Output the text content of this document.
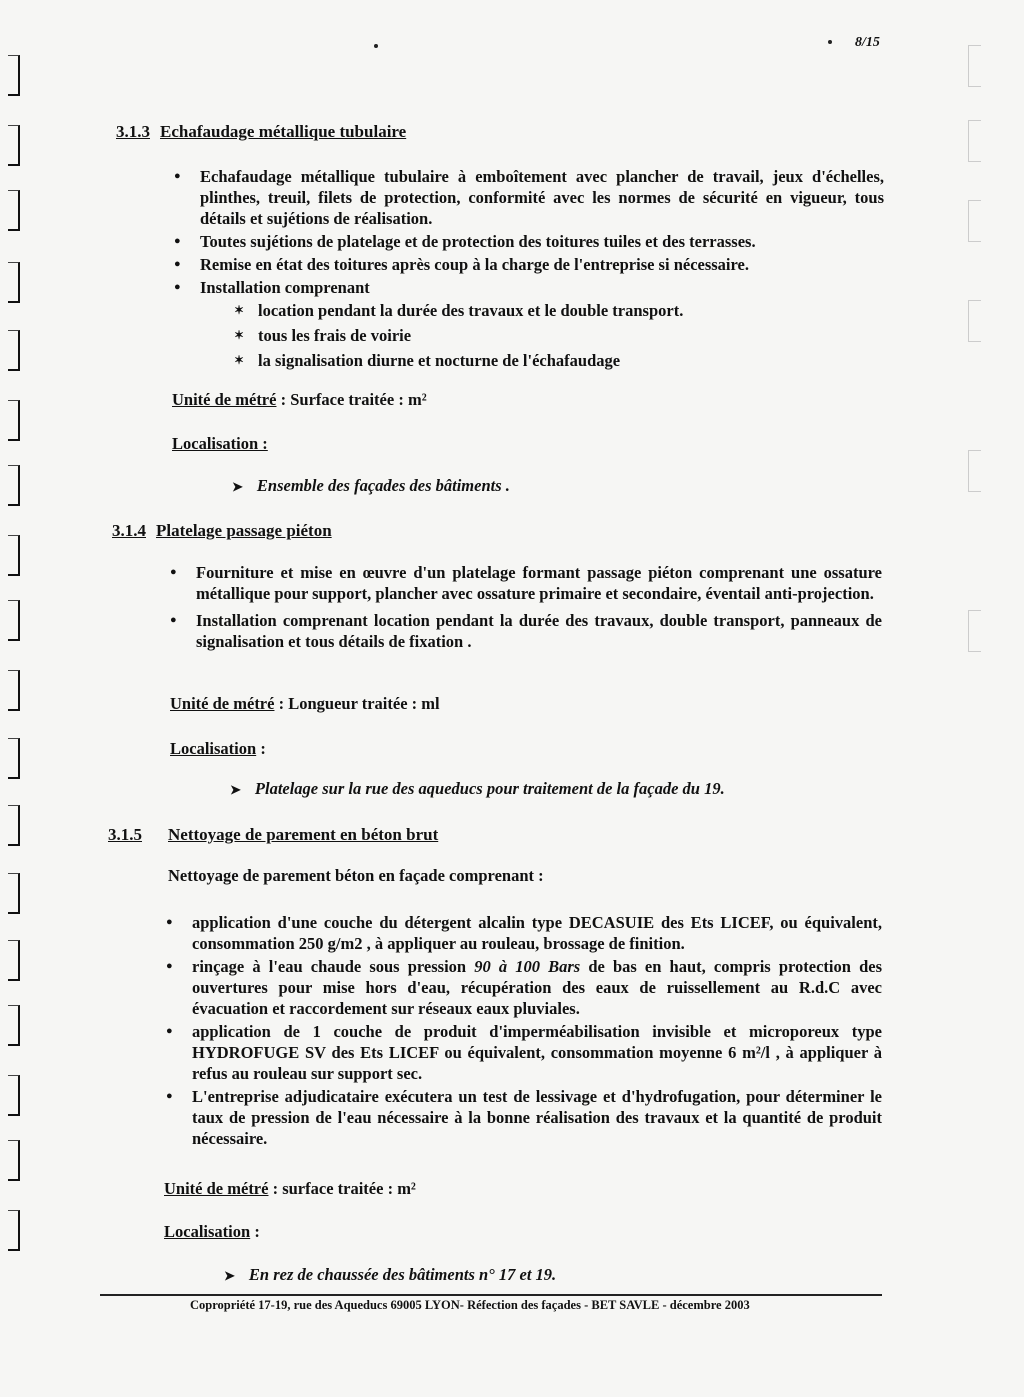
8/15
3.1.3 Echafaudage métallique tubulaire
● Echafaudage métallique tubulaire à emboîtement avec plancher de travail, jeux d'échelles, plinthes, treuil, filets de protection, conformité avec les normes de sécurité en vigueur, tous détails et sujétions de réalisation.
● Toutes sujétions de platelage et de protection des toitures tuiles et des terrasses.
● Remise en état des toitures après coup à la charge de l'entreprise si nécessaire.
● Installation comprenant
✶ location pendant la durée des travaux et le double transport.
✶ tous les frais de voirie
✶ la signalisation diurne et nocturne de l'échafaudage
Unité de métré : Surface traitée : m²
Localisation :
➤ Ensemble des façades des bâtiments .
3.1.4 Platelage passage piéton
● Fourniture et mise en œuvre d'un platelage formant passage piéton comprenant une ossature métallique pour support, plancher avec ossature primaire et secondaire, éventail anti-projection.
● Installation comprenant location pendant la durée des travaux, double transport, panneaux de signalisation et tous détails de fixation .
Unité de métré : Longueur traitée : ml
Localisation :
➤ Platelage sur la rue des aqueducs pour traitement de la façade du 19.
3.1.5 Nettoyage de parement en béton brut
Nettoyage de parement béton en façade comprenant :
● application d'une couche du détergent alcalin type DECASUIE des Ets LICEF, ou équivalent, consommation 250 g/m2 , à appliquer au rouleau, brossage de finition.
● rinçage à l'eau chaude sous pression 90 à 100 Bars de bas en haut, compris protection des ouvertures pour mise hors d'eau, récupération des eaux de ruissellement au R.d.C avec évacuation et raccordement sur réseaux eaux pluviales.
● application de 1 couche de produit d'imperméabilisation invisible et microporeux type HYDROFUGE SV des Ets LICEF ou équivalent, consommation moyenne 6 m²/l , à appliquer à refus au rouleau sur support sec.
● L'entreprise adjudicataire exécutera un test de lessivage et d'hydrofugation, pour déterminer le taux de pression de l'eau nécessaire à la bonne réalisation des travaux et la quantité de produit nécessaire.
Unité de métré : surface traitée : m²
Localisation :
➤ En rez de chaussée des bâtiments n° 17 et 19.
Copropriété 17-19, rue des Aqueducs 69005 LYON- Réfection des façades - BET SAVLE - décembre 2003
